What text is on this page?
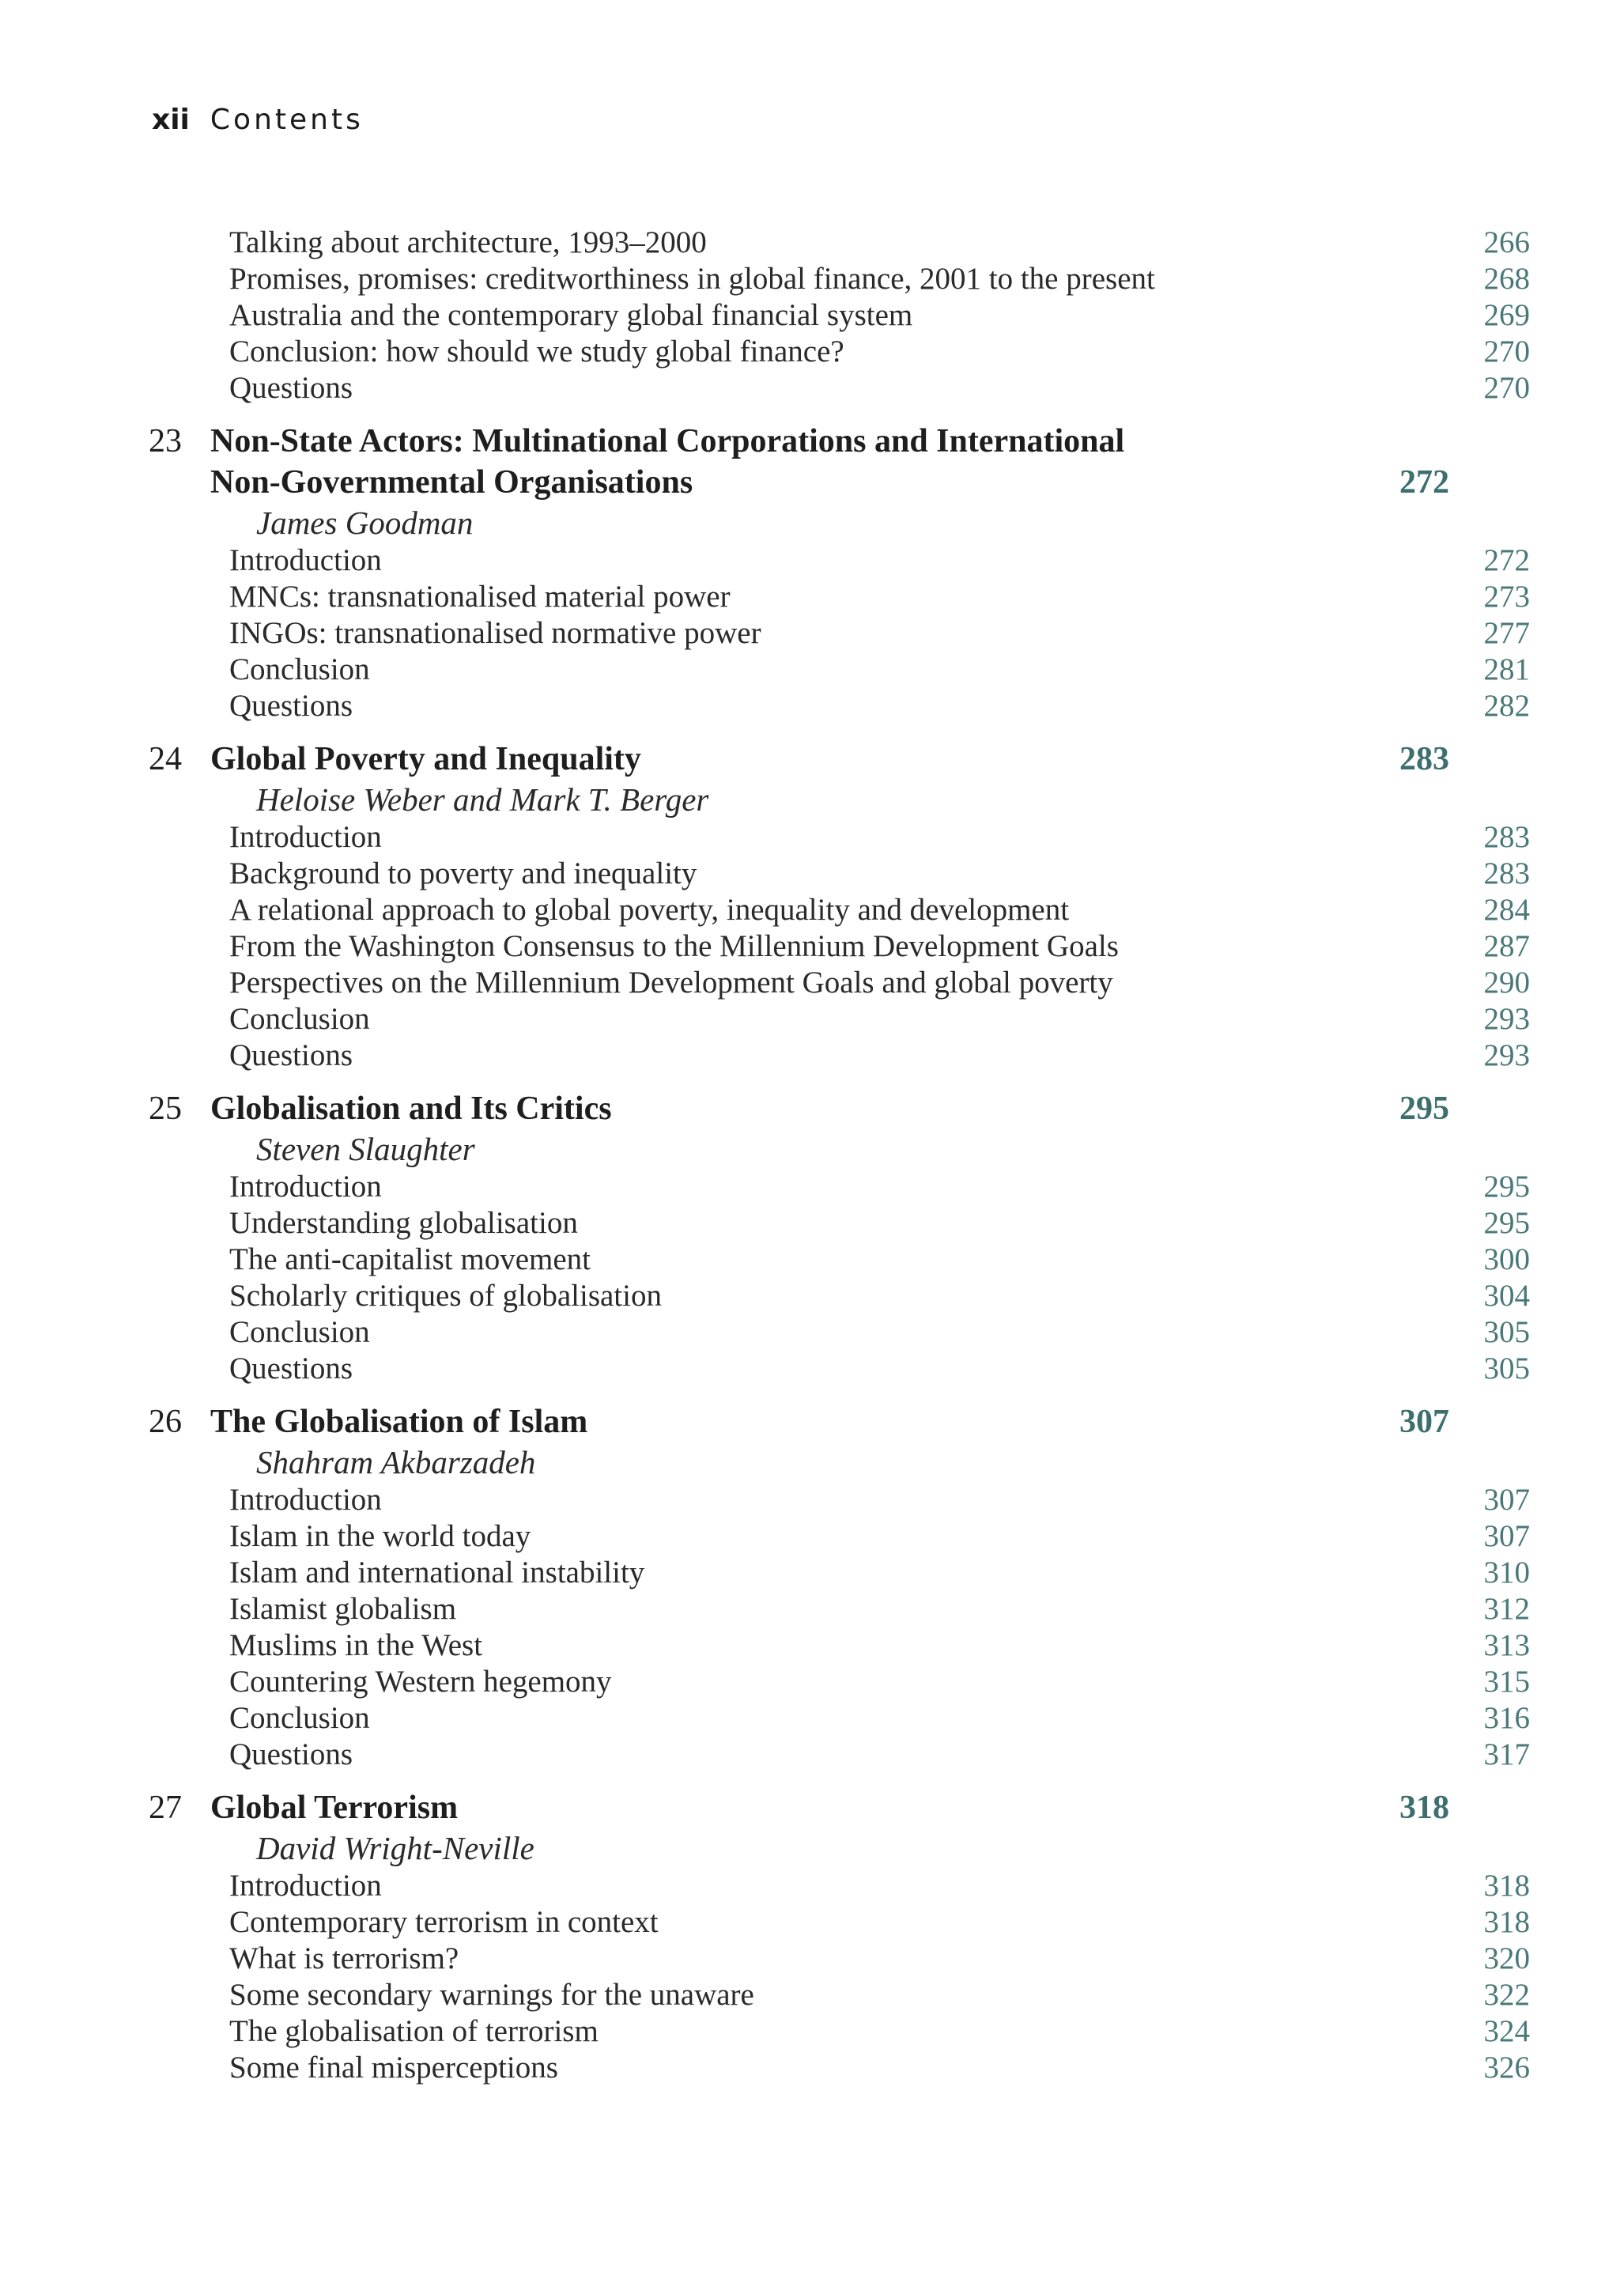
xii Contents
Talking about architecture, 1993–2000	266
Promises, promises: creditworthiness in global finance, 2001 to the present	268
Australia and the contemporary global financial system	269
Conclusion: how should we study global finance?	270
Questions	270
23 Non-State Actors: Multinational Corporations and International
Non-Governmental Organisations	272
James Goodman
Introduction	272
MNCs: transnationalised material power	273
INGOs: transnationalised normative power	277
Conclusion	281
Questions	282
24 Global Poverty and Inequality	283
Heloise Weber and Mark T. Berger
Introduction	283
Background to poverty and inequality	283
A relational approach to global poverty, inequality and development	284
From the Washington Consensus to the Millennium Development Goals	287
Perspectives on the Millennium Development Goals and global poverty	290
Conclusion	293
Questions	293
25 Globalisation and Its Critics	295
Steven Slaughter
Introduction	295
Understanding globalisation	295
The anti-capitalist movement	300
Scholarly critiques of globalisation	304
Conclusion	305
Questions	305
26 The Globalisation of Islam	307
Shahram Akbarzadeh
Introduction	307
Islam in the world today	307
Islam and international instability	310
Islamist globalism	312
Muslims in the West	313
Countering Western hegemony	315
Conclusion	316
Questions	317
27 Global Terrorism	318
David Wright-Neville
Introduction	318
Contemporary terrorism in context	318
What is terrorism?	320
Some secondary warnings for the unaware	322
The globalisation of terrorism	324
Some final misperceptions	326
